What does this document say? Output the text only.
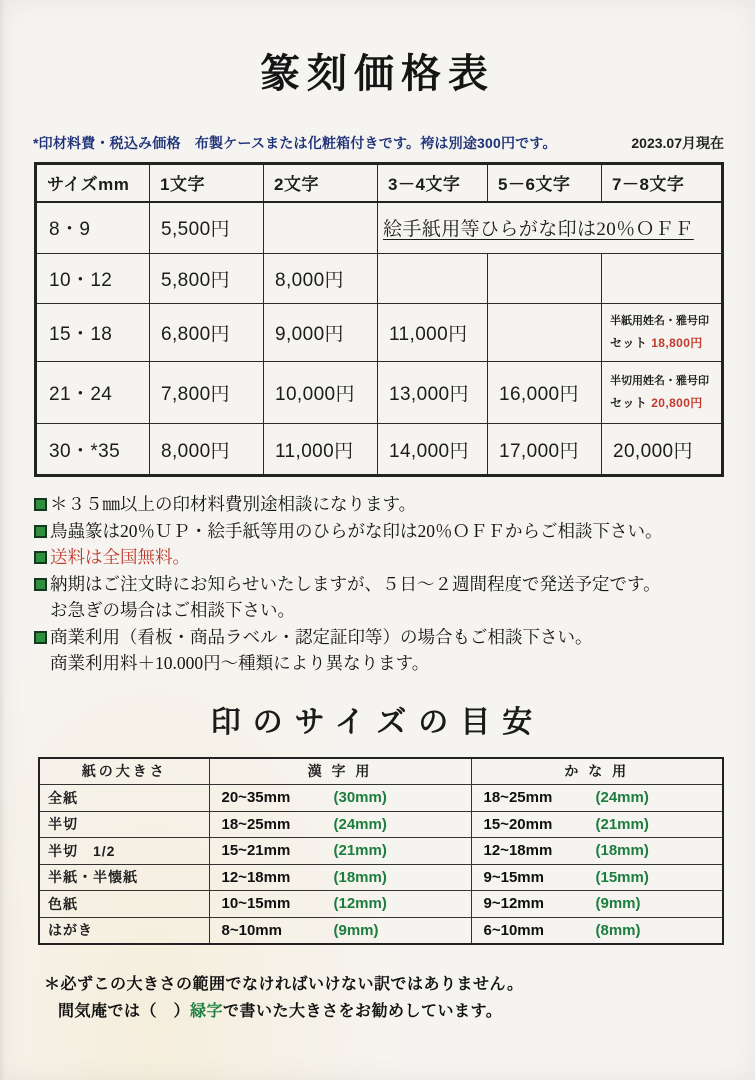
篆刻価格表
*印材料費・税込み価格　布製ケースまたは化粧箱付きです。袴は別途300円です。	2023.07月現在
サイズmm	1文字	2文字	3－4文字	5－6文字	7－8文字
8・9	5,500円		絵手紙用等ひらがな印は20％ＯＦＦ		
10・12	5,800円	8,000円			
15・18	6,800円	9,000円	11,000円		半紙用姓名・雅号印
セット 18,800円

21・24	7,800円	10,000円	13,000円	16,000円	半切用姓名・雅号印
セット 20,800円

30・*35	8,000円	11,000円	14,000円	17,000円	20,000円
＊３５㎜以上の印材料費別途相談になります。
鳥蟲篆は20％ＵＰ・絵手紙等用のひらがな印は20％ＯＦＦからご相談下さい。
送料は全国無料。
納期はご注文時にお知らせいたしますが、５日～２週間程度で発送予定です。
お急ぎの場合はご相談下さい。
商業利用（看板・商品ラベル・認定証印等）の場合もご相談下さい。
商業利用料＋10.000円～種類により異なります。
印のサイズの目安
紙の大きさ	漢 字 用	か な 用
全紙	20~35mm (30mm)	18~25mm (24mm)
半切	18~25mm (24mm)	15~20mm (21mm)
半切　1/2	15~21mm (21mm)	12~18mm (18mm)
半紙・半懐紙	12~18mm (18mm)	9~15mm (15mm)
色紙	10~15mm (12mm)	9~12mm (9mm)
はがき	8~10mm (9mm)	6~10mm (8mm)
＊必ずこの大きさの範囲でなければいけない訳ではありません。
間気庵では（　）緑字で書いた大きさをお勧めしています。
